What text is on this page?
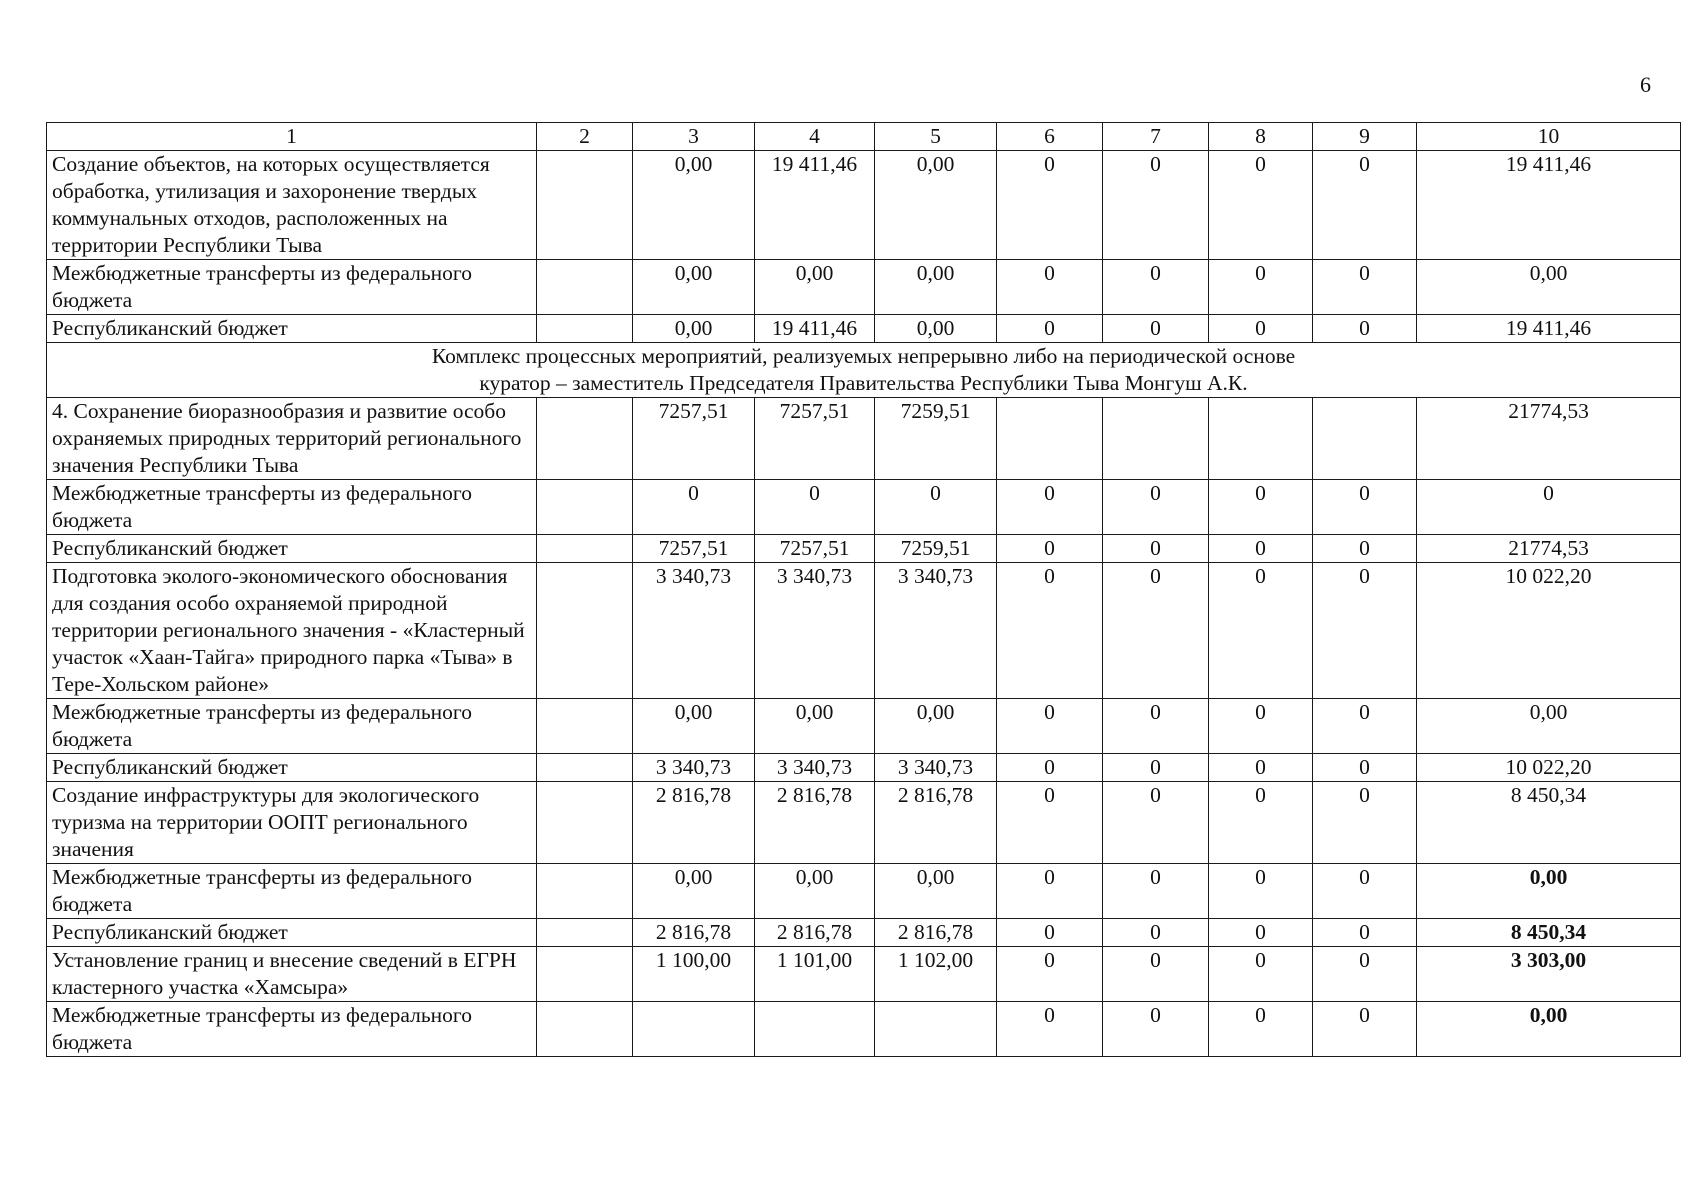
6
1	2	3	4	5	6	7	8	9	10
Создание объектов, на которых осуществляется обработка, утилизация и захоронение твердых коммунальных отходов, расположенных на территории Республики Тыва		0,00	19 411,46	0,00	0	0	0	0	19 411,46
Межбюджетные трансферты из федерального бюджета		0,00	0,00	0,00	0	0	0	0	0,00
Республиканский бюджет		0,00	19 411,46	0,00	0	0	0	0	19 411,46

Комплекс процессных мероприятий, реализуемых непрерывно либо на периодической основе
куратор – заместитель Председателя Правительства Республики Тыва Монгуш А.К.									

4. Сохранение биоразнообразия и развитие особо охраняемых природных территорий регионального значения Республики Тыва		7257,51	7257,51	7259,51					21774,53
Межбюджетные трансферты из федерального бюджета		0	0	0	0	0	0	0	0
Республиканский бюджет		7257,51	7257,51	7259,51	0	0	0	0	21774,53
Подготовка эколого-экономического обоснования для создания особо охраняемой природной территории регионального значения - «Кластерный участок «Хаан-Тайга» природного парка «Тыва» в Тере-Хольском районе»		3 340,73	3 340,73	3 340,73	0	0	0	0	10 022,20
Межбюджетные трансферты из федерального бюджета		0,00	0,00	0,00	0	0	0	0	0,00
Республиканский бюджет		3 340,73	3 340,73	3 340,73	0	0	0	0	10 022,20
Создание инфраструктуры для экологического туризма на территории ООПТ регионального значения		2 816,78	2 816,78	2 816,78	0	0	0	0	8 450,34
Межбюджетные трансферты из федерального бюджета		0,00	0,00	0,00	0	0	0	0	0,00
Республиканский бюджет		2 816,78	2 816,78	2 816,78	0	0	0	0	8 450,34
Установление границ и внесение сведений в ЕГРН кластерного участка «Хамсыра»		1 100,00	1 101,00	1 102,00	0	0	0	0	3 303,00
Межбюджетные трансферты из федерального бюджета					0	0	0	0	0,00
